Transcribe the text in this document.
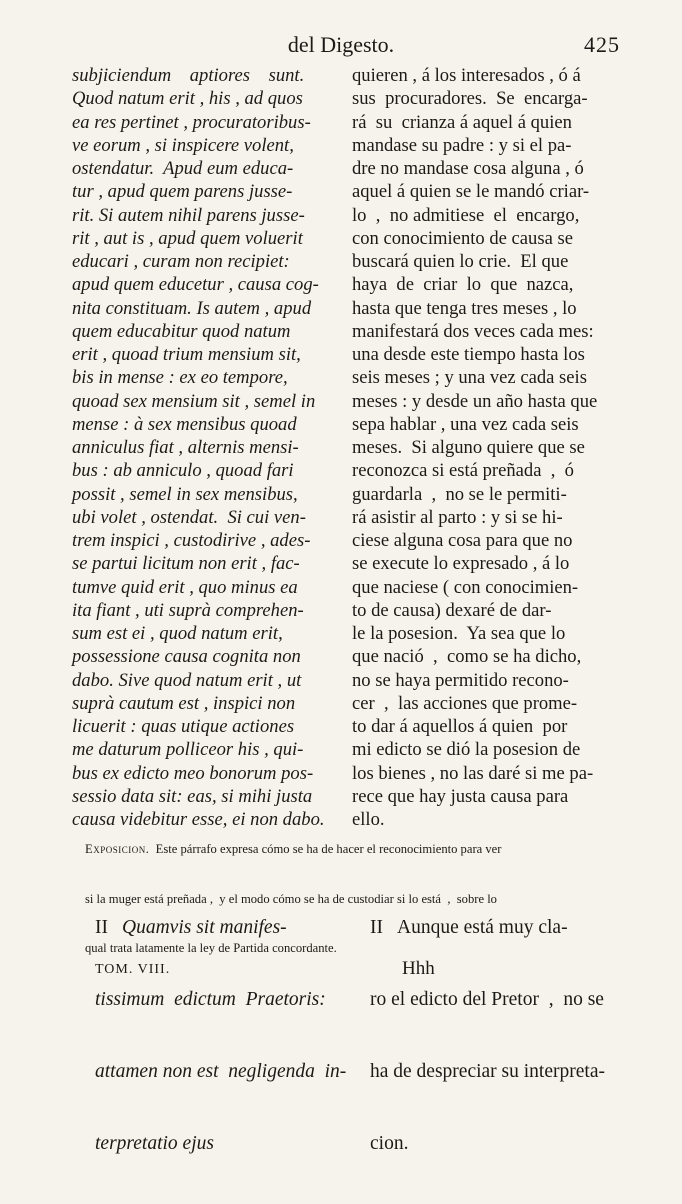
del Digesto.	425
subjiciendum    aptiores    sunt.
Quod natum erit , his , ad quos
ea res pertinet , procuratoribus-
ve eorum , si inspicere volent,
ostendatur.  Apud eum educa-
tur , apud quem parens jusse-
rit. Si autem nihil parens jusse-
rit , aut is , apud quem voluerit
educari , curam non recipiet:
apud quem educetur , causa cog-
nita constituam. Is autem , apud
quem educabitur quod natum
erit , quoad trium mensium sit,
bis in mense : ex eo tempore,
quoad sex mensium sit , semel in
mense : à sex mensibus quoad
anniculus fiat , alternis mensi-
bus : ab anniculo , quoad fari
possit , semel in sex mensibus,
ubi volet , ostendat.  Si cui ven-
trem inspici , custodirive , ades-
se partui licitum non erit , fac-
tumve quid erit , quo minus ea
ita fiant , uti suprà comprehen-
sum est ei , quod natum erit,
possessione causa cognita non
dabo. Sive quod natum erit , ut
suprà cautum est , inspici non
licuerit : quas utique actiones
me daturum polliceor his , qui-
bus ex edicto meo bonorum pos-
sessio data sit: eas, si mihi justa
causa videbitur esse, ei non dabo.
quieren , á los interesados , ó á
sus  procuradores.  Se  encarga-
rá  su  crianza á aquel á quien
mandase su padre : y si el pa-
dre no mandase cosa alguna , ó
aquel á quien se le mandó criar-
lo  ,  no admitiese  el  encargo,
con conocimiento de causa se
buscará quien lo crie.  El que
haya  de  criar  lo  que  nazca,
hasta que tenga tres meses , lo
manifestará dos veces cada mes:
una desde este tiempo hasta los
seis meses ; y una vez cada seis
meses : y desde un año hasta que
sepa hablar , una vez cada seis
meses.  Si alguno quiere que se
reconozca si está preñada  ,  ó
guardarla  ,  no se le permiti-
rá asistir al parto : y si se hi-
ciese alguna cosa para que no
se execute lo expresado , á lo
que naciese ( con conocimien-
to de causa) dexaré de dar-
le la posesion.  Ya sea que lo
que nació  ,  como se ha dicho,
no se haya permitido recono-
cer  ,  las acciones que prome-
to dar á aquellos á quien  por
mi edicto se dió la posesion de
los bienes , no las daré si me pa-
rece que hay justa causa para
ello.

Exposicion.  Este párrafo expresa cómo se ha de hacer el reconocimiento para ver

si la muger está preñada ,  y el modo cómo se ha de custodiar si lo está  ,  sobre lo

qual trata latamente la ley de Partida concordante.

II Quamvis sit manifes-

tissimum  edictum  Praetoris:

attamen non est  negligenda  in-

terpretatio ejus

II Aunque está muy cla-

ro el edicto del Pretor  ,  no se

ha de despreciar su interpreta-

cion.

TOM. VIII.	Hhh
